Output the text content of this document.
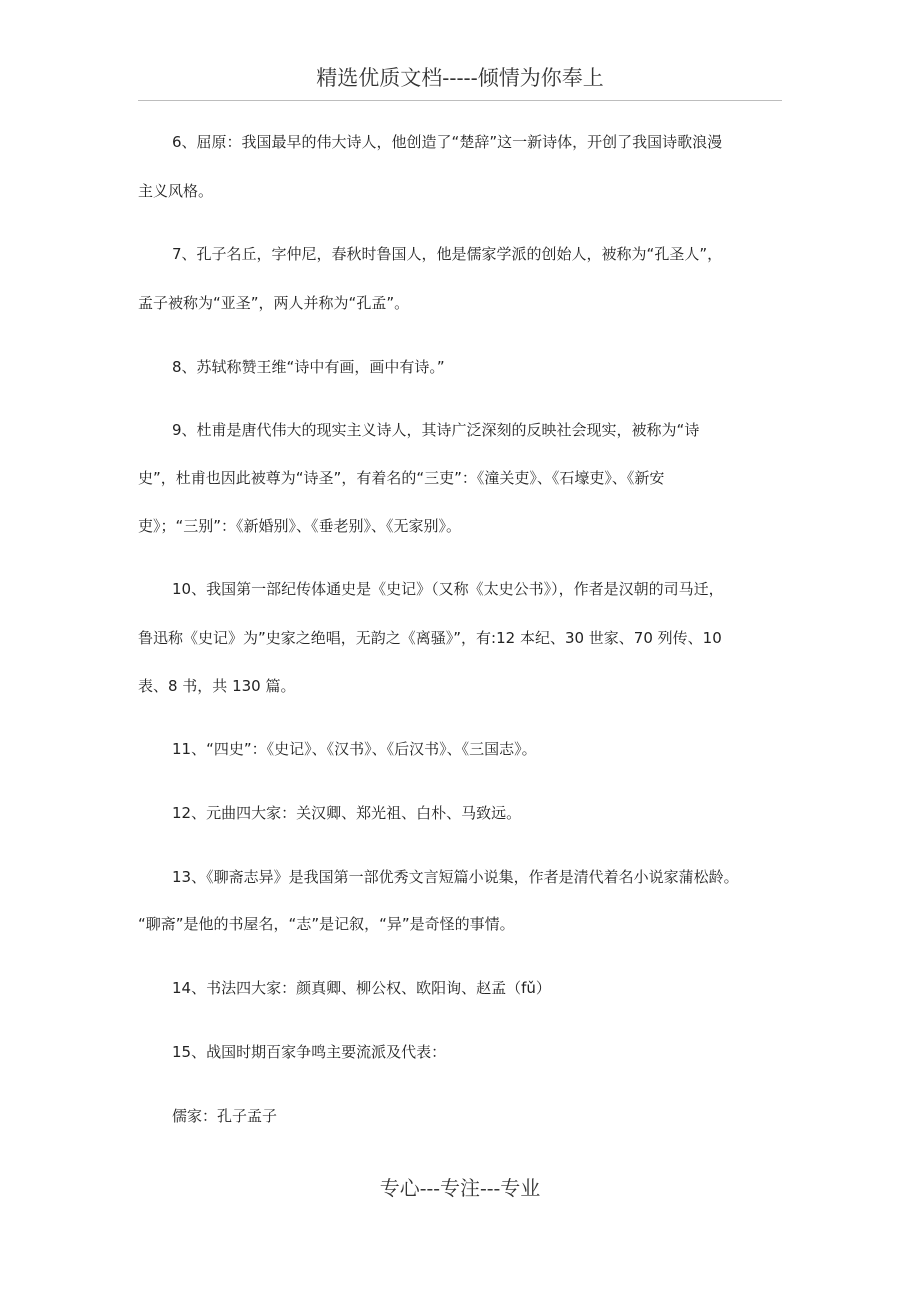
精选优质文档-----倾情为你奉上
6、屈原：我国最早的伟大诗人，他创造了“楚辞”这一新诗体，开创了我国诗歌浪漫
主义风格。
7、孔子名丘，字仲尼，春秋时鲁国人，他是儒家学派的创始人，被称为“孔圣人”，
孟子被称为“亚圣”，两人并称为“孔孟”。
8、苏轼称赞王维“诗中有画，画中有诗。”
9、杜甫是唐代伟大的现实主义诗人，其诗广泛深刻的反映社会现实，被称为“诗
史”，杜甫也因此被尊为“诗圣”，有着名的“三吏”：《潼关吏》、《石壕吏》、《新安
吏》；“三别”：《新婚别》、《垂老别》、《无家别》。
10、我国第一部纪传体通史是《史记》（又称《太史公书》），作者是汉朝的司马迁，
鲁迅称《史记》为”史家之绝唱，无韵之《离骚》”，有:12 本纪、30 世家、70 列传、10
表、8 书，共 130 篇。
11、“四史”：《史记》、《汉书》、《后汉书》、《三国志》。
12、元曲四大家：关汉卿、郑光祖、白朴、马致远。
13、《聊斋志异》是我国第一部优秀文言短篇小说集，作者是清代着名小说家蒲松龄。
“聊斋”是他的书屋名，“志”是记叙，“异”是奇怪的事情。
14、书法四大家：颜真卿、柳公权、欧阳询、赵孟（fǔ）
15、战国时期百家争鸣主要流派及代表：
儒家：孔子孟子
专心---专注---专业
